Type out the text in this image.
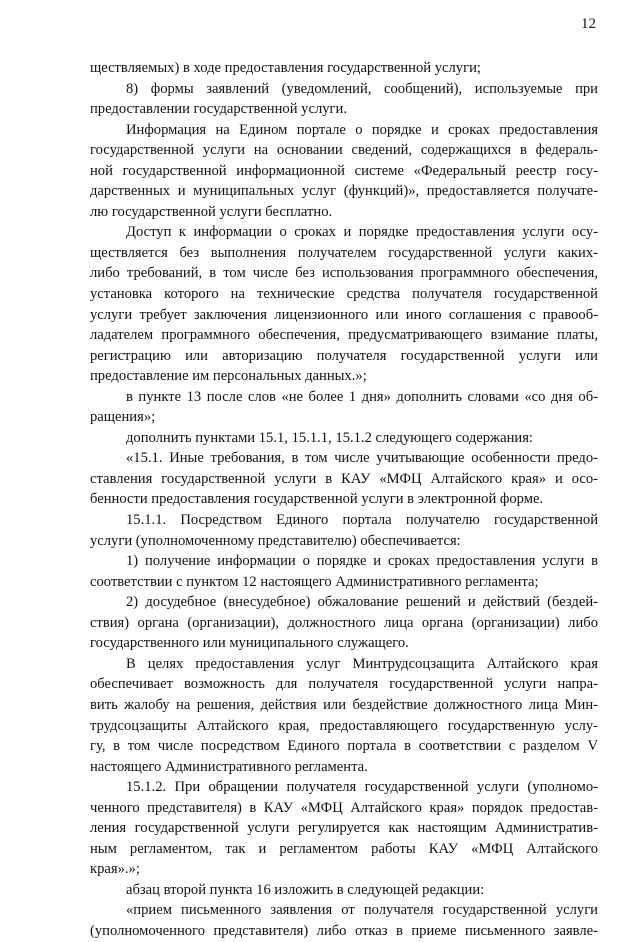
12
ществляемых) в ходе предоставления государственной услуги;
8) формы заявлений (уведомлений, сообщений), используемые при
предоставлении государственной услуги.
Информация на Едином портале о порядке и сроках предоставления
государственной услуги на основании сведений, содержащихся в федераль-
ной государственной информационной системе «Федеральный реестр госу-
дарственных и муниципальных услуг (функций)», предоставляется получате-
лю государственной услуги бесплатно.
Доступ к информации о сроках и порядке предоставления услуги осу-
ществляется без выполнения получателем государственной услуги каких-
либо требований, в том числе без использования программного обеспечения,
установка которого на технические средства получателя государственной
услуги требует заключения лицензионного или иного соглашения с правооб-
ладателем программного обеспечения, предусматривающего взимание платы,
регистрацию или авторизацию получателя государственной услуги или
предоставление им персональных данных.»;
в пункте 13 после слов «не более 1 дня» дополнить словами «со дня об-
ращения»;
дополнить пунктами 15.1, 15.1.1, 15.1.2 следующего содержания:
«15.1. Иные требования, в том числе учитывающие особенности предо-
ставления государственной услуги в КАУ «МФЦ Алтайского края» и осо-
бенности предоставления государственной услуги в электронной форме.
15.1.1. Посредством Единого портала получателю государственной
услуги (уполномоченному представителю) обеспечивается:
1) получение информации о порядке и сроках предоставления услуги в
соответствии с пунктом 12 настоящего Административного регламента;
2) досудебное (внесудебное) обжалование решений и действий (бездей-
ствия) органа (организации), должностного лица органа (организации) либо
государственного или муниципального служащего.
В целях предоставления услуг Минтрудсоцзащита Алтайского края
обеспечивает возможность для получателя государственной услуги напра-
вить жалобу на решения, действия или бездействие должностного лица Мин-
трудсоцзащиты Алтайского края, предоставляющего государственную услу-
гу, в том числе посредством Единого портала в соответствии с разделом V
настоящего Административного регламента.
15.1.2. При обращении получателя государственной услуги (уполномо-
ченного представителя) в КАУ «МФЦ Алтайского края» порядок предостав-
ления государственной услуги регулируется как настоящим Административ-
ным регламентом, так и регламентом работы КАУ «МФЦ Алтайского
края».»;
абзац второй пункта 16 изложить в следующей редакции:
«прием письменного заявления от получателя государственной услуги
(уполномоченного представителя) либо отказ в приеме письменного заявле-
